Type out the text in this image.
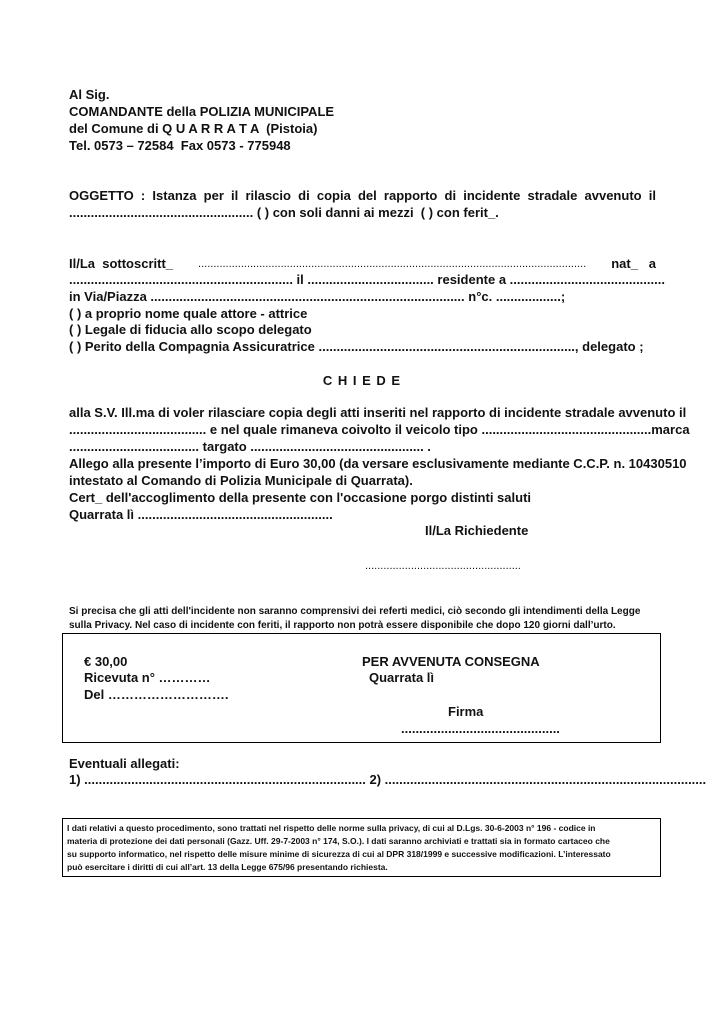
Al Sig.
COMANDANTE della POLIZIA MUNICIPALE
del Comune di Q U A R R A T A  (Pistoia)
Tel. 0573 – 72584  Fax 0573 - 775948
OGGETTO : Istanza per il rilascio di copia del rapporto di incidente stradale avvenuto il
................................................... ( ) con soli danni ai mezzi  ( ) con ferit_.
Il/La  sottoscritt_ ............................................................................................................................... nat_   a
.............................................................. il ................................... residente a ...........................................
in Via/Piazza ....................................................................................... n°c. ..................;
( ) a proprio nome quale attore - attrice
( ) Legale di fiducia allo scopo delegato
( ) Perito della Compagnia Assicuratrice ......................................................................., delegato ;
C H I E D E
alla S.V. Ill.ma di voler rilasciare copia degli atti inseriti nel rapporto di incidente stradale avvenuto il
...................................... e nel quale rimaneva coivolto il veicolo tipo ............................................... marca
.................................... targato ................................................ .
Allego alla presente l’importo di Euro 30,00 (da versare esclusivamente mediante C.C.P. n. 10430510
intestato al Comando di Polizia Municipale di Quarrata).
Cert_ dell'accoglimento della presente con l'occasione porgo distinti saluti
Quarrata lì ......................................................
Il/La Richiedente
...................................................
Si precisa che gli atti dell'incidente non saranno comprensivi dei referti medici, ciò secondo gli intendimenti della Legge
sulla Privacy. Nel caso di incidente con feriti, il rapporto non potrà essere disponibile che dopo 120 giorni dall’urto.
€ 30,00
Ricevuta n° …………
Del ……………………….
PER AVVENUTA CONSEGNA
Quarrata lì
Firma
............................................
Eventuali allegati:
1) .............................................................................. 2) .........................................................................................
I dati relativi a questo procedimento, sono trattati nel rispetto delle norme sulla privacy, di cui al D.Lgs. 30-6-2003 n° 196 - codice in
materia di protezione dei dati personali (Gazz. Uff. 29-7-2003 n° 174, S.O.). I dati saranno archiviati e trattati sia in formato cartaceo che
su supporto informatico, nel rispetto delle misure minime di sicurezza di cui al DPR 318/1999 e successive modificazioni. L’interessato
può esercitare i diritti di cui all’art. 13 della Legge 675/96 presentando richiesta.
